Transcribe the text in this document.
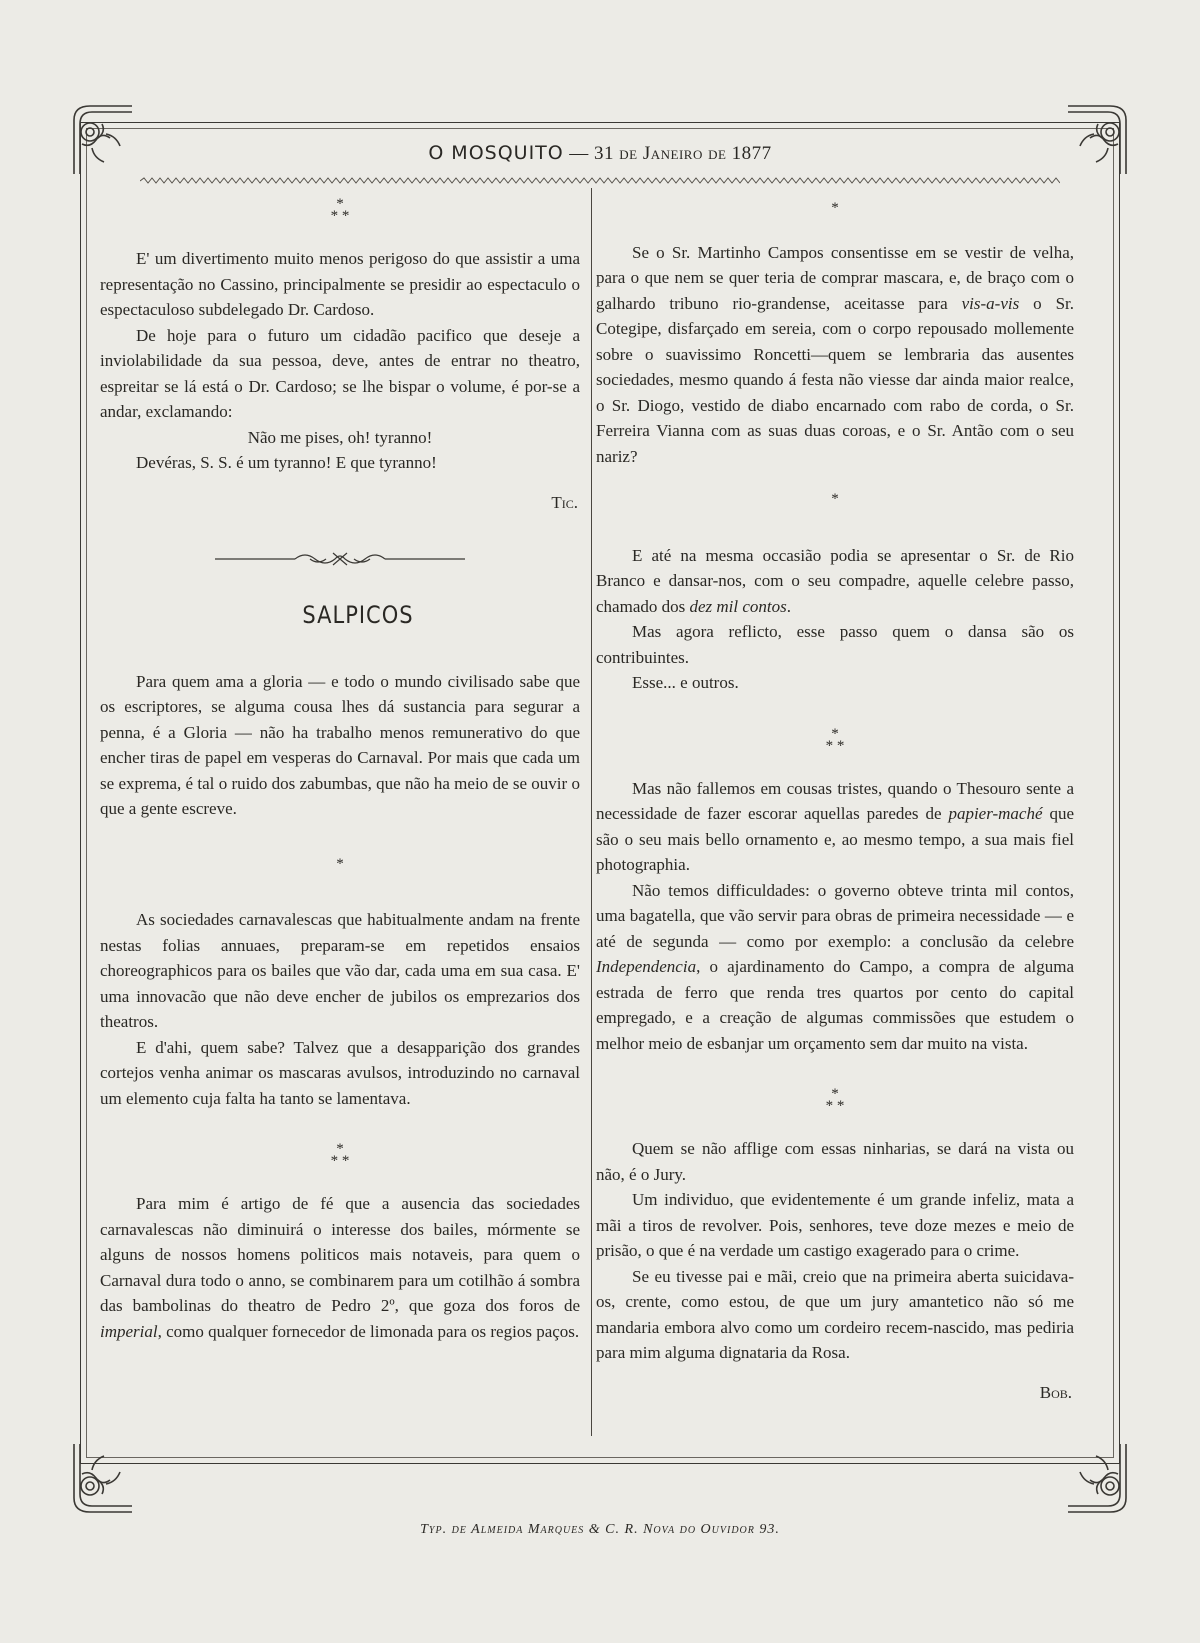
O MOSQUITO — 31 de Janeiro de 1877
*
* *

E' um divertimento muito menos perigoso do que assistir a uma representação no Cassino, principalmente se presidir ao espectaculo o espectaculoso subdelegado Dr. Cardoso.

De hoje para o futuro um cidadão pacifico que deseje a inviolabilidade da sua pessoa, deve, antes de entrar no theatro, espreitar se lá está o Dr. Cardoso; se lhe bispar o volume, é por-se a andar, exclamando:

Não me pises, oh! tyranno!

Devéras, S. S. é um tyranno! E que tyranno!

Tic.

SALPICOS

Para quem ama a gloria — e todo o mundo civilisado sabe que os escriptores, se alguma cousa lhes dá sustancia para segurar a penna, é a Gloria — não ha trabalho menos remunerativo do que encher tiras de papel em vesperas do Carnaval. Por mais que cada um se exprema, é tal o ruido dos zabumbas, que não ha meio de se ouvir o que a gente escreve.

*

As sociedades carnavalescas que habitualmente andam na frente nestas folias annuaes, preparam-se em repetidos ensaios choreographicos para os bailes que vão dar, cada uma em sua casa. E' uma innovacão que não deve encher de jubilos os emprezarios dos theatros.

E d'ahi, quem sabe? Talvez que a desapparição dos grandes cortejos venha animar os mascaras avulsos, introduzindo no carnaval um elemento cuja falta ha tanto se lamentava.

*
* *

Para mim é artigo de fé que a ausencia das sociedades carnavalescas não diminuirá o interesse dos bailes, mórmente se alguns de nossos homens politicos mais notaveis, para quem o Carnaval dura todo o anno, se combinarem para um cotilhão á sombra das bambolinas do theatro de Pedro 2º, que goza dos foros de imperial, como qualquer fornecedor de limonada para os regios paços.

*

Se o Sr. Martinho Campos consentisse em se vestir de velha, para o que nem se quer teria de comprar mascara, e, de braço com o galhardo tribuno rio-grandense, aceitasse para vis-a-vis o Sr. Cotegipe, disfarçado em sereia, com o corpo repousado mollemente sobre o suavissimo Roncetti—quem se lembraria das ausentes sociedades, mesmo quando á festa não viesse dar ainda maior realce, o Sr. Diogo, vestido de diabo encarnado com rabo de corda, o Sr. Ferreira Vianna com as suas duas coroas, e o Sr. Antão com o seu nariz?

*

E até na mesma occasião podia se apresentar o Sr. de Rio Branco e dansar-nos, com o seu compadre, aquelle celebre passo, chamado dos dez mil contos.

Mas agora reflicto, esse passo quem o dansa são os contribuintes.

Esse... e outros.

*
* *

Mas não fallemos em cousas tristes, quando o Thesouro sente a necessidade de fazer escorar aquellas paredes de papier-maché que são o seu mais bello ornamento e, ao mesmo tempo, a sua mais fiel photographia.

Não temos difficuldades: o governo obteve trinta mil contos, uma bagatella, que vão servir para obras de primeira necessidade — e até de segunda — como por exemplo: a conclusão da celebre Independencia, o ajardinamento do Campo, a compra de alguma estrada de ferro que renda tres quartos por cento do capital empregado, e a creação de algumas commissões que estudem o melhor meio de esbanjar um orçamento sem dar muito na vista.

*
* *

Quem se não afflige com essas ninharias, se dará na vista ou não, é o Jury.

Um individuo, que evidentemente é um grande infeliz, mata a mãi a tiros de revolver. Pois, senhores, teve doze mezes e meio de prisão, o que é na verdade um castigo exagerado para o crime.

Se eu tivesse pai e mãi, creio que na primeira aberta suicidava-os, crente, como estou, de que um jury amantetico não só me mandaria embora alvo como um cordeiro recem-nascido, mas pediria para mim alguma dignataria da Rosa.

Bob.

Typ. de Almeida Marques & C. R. Nova do Ouvidor 93.
